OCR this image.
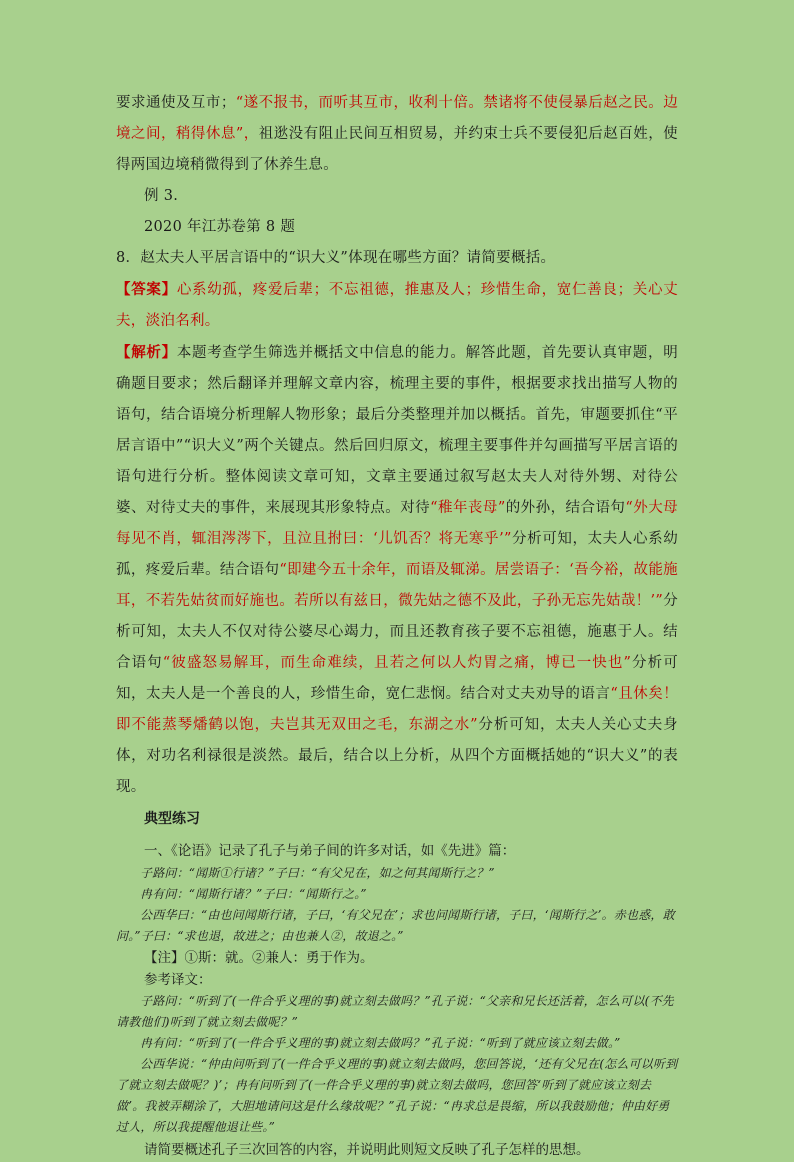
要求通使及互市；“遂不报书，而听其互市，收利十倍。禁诸将不使侵暴后赵之民。边境之间，稍得休息”，祖逖没有阻止民间互相贸易，并约束士兵不要侵犯后赵百姓，使得两国边境稍微得到了休养生息。

例 3.

2020 年江苏卷第 8 题

8．赵太夫人平居言语中的“识大义”体现在哪些方面？请简要概括。

【答案】心系幼孤，疼爱后辈；不忘祖德，推惠及人；珍惜生命，宽仁善良；关心丈夫，淡泊名利。

【解析】本题考查学生筛选并概括文中信息的能力。解答此题，首先要认真审题，明确题目要求；然后翻译并理解文章内容，梳理主要的事件，根据要求找出描写人物的语句，结合语境分析理解人物形象；最后分类整理并加以概括。首先，审题要抓住“平居言语中”“识大义”两个关键点。然后回归原文，梳理主要事件并勾画描写平居言语的语句进行分析。整体阅读文章可知，文章主要通过叙写赵太夫人对待外甥、对待公婆、对待丈夫的事件，来展现其形象特点。对待“稚年丧母”的外孙，结合语句“外大母每见不肖，辄泪涔涔下，且泣且拊曰：‘儿饥否？将无寒乎’”分析可知，太夫人心系幼孤，疼爱后辈。结合语句“即建今五十余年，而语及辄涕。居尝语子：‘吾今裕，故能施耳，不若先姑贫而好施也。若所以有兹日，微先姑之德不及此，子孙无忘先姑哉！’”分析可知，太夫人不仅对待公婆尽心竭力，而且还教育孩子要不忘祖德，施惠于人。结合语句“彼盛怒易解耳，而生命难续，且若之何以人灼胃之痛，博已一快也”分析可知，太夫人是一个善良的人，珍惜生命，宽仁悲悯。结合对丈夫劝导的语言“且休矣！即不能蒸琴燔鹤以饱，夫岂其无双田之毛，东湖之水”分析可知，太夫人关心丈夫身体，对功名利禄很是淡然。最后，结合以上分析，从四个方面概括她的“识大义”的表现。

典型练习

一、《论语》记录了孔子与弟子间的许多对话，如《先进》篇：

子路问：“闻斯①行诸？”子曰：“有父兄在，如之何其闻斯行之？”

冉有问：“闻斯行诸？”子曰：“闻斯行之。”

公西华曰：“由也问闻斯行诸，子曰，‘有父兄在’；求也问闻斯行诸，子曰，‘闻斯行之’。赤也惑，敢问。”子曰：“求也退，故进之；由也兼人②，故退之。”

【注】①斯：就。②兼人：勇于作为。

参考译文：

子路问：“听到了(一件合乎义理的事)就立刻去做吗？”孔子说：“父亲和兄长还活着，怎么可以(不先请教他们)听到了就立刻去做呢？”

冉有问：“听到了(一件合乎义理的事)就立刻去做吗？”孔子说：“听到了就应该立刻去做。”

公西华说：“仲由问听到了(一件合乎义理的事)就立刻去做吗，您回答说，‘还有父兄在(怎么可以听到了就立刻去做呢？)’；冉有问听到了(一件合乎义理的事)就立刻去做吗，您回答‘听到了就应该立刻去做’。我被弄糊涂了，大胆地请问这是什么缘故呢？”孔子说：“冉求总是畏缩，所以我鼓励他；仲由好勇过人，所以我提醒他退让些。”

请简要概述孔子三次回答的内容，并说明此则短文反映了孔子怎样的思想。
